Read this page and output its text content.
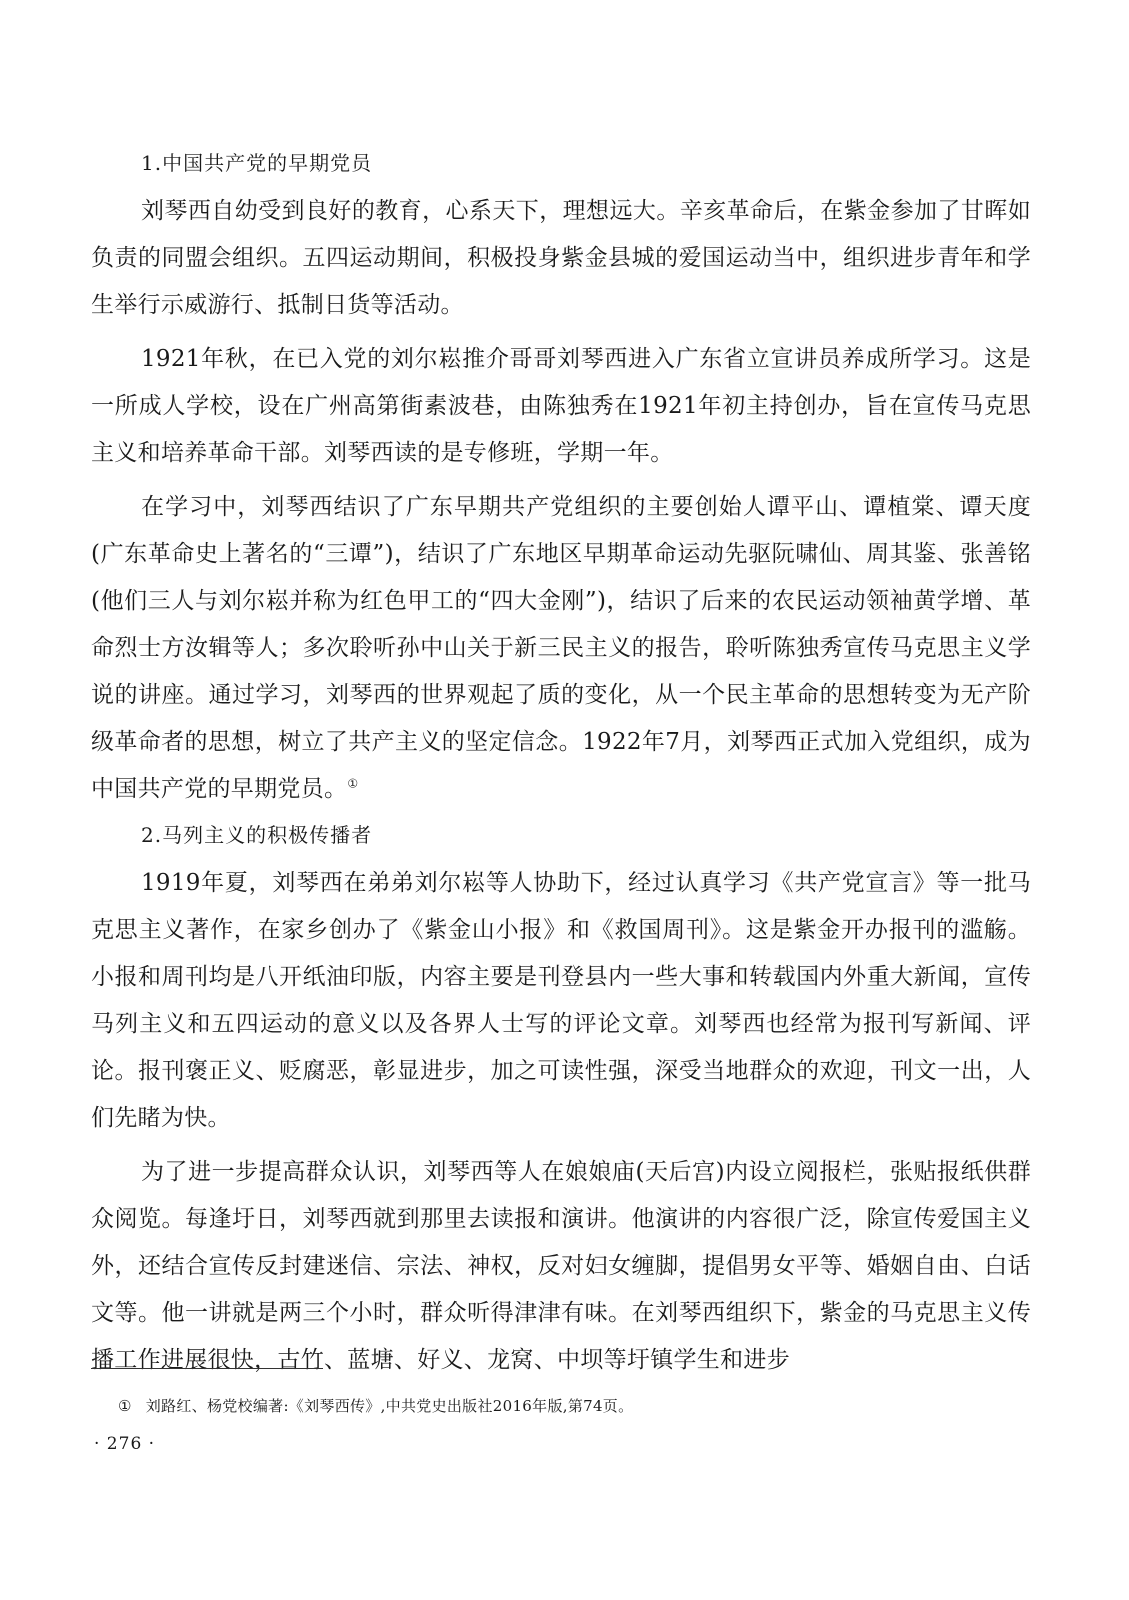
1.中国共产党的早期党员

刘琴西自幼受到良好的教育，心系天下，理想远大。辛亥革命后，在紫金参加了甘晖如负责的同盟会组织。五四运动期间，积极投身紫金县城的爱国运动当中，组织进步青年和学生举行示威游行、抵制日货等活动。

1921年秋，在已入党的刘尔崧推介哥哥刘琴西进入广东省立宣讲员养成所学习。这是一所成人学校，设在广州高第街素波巷，由陈独秀在1921年初主持创办，旨在宣传马克思主义和培养革命干部。刘琴西读的是专修班，学期一年。

在学习中，刘琴西结识了广东早期共产党组织的主要创始人谭平山、谭植棠、谭天度(广东革命史上著名的“三谭”)，结识了广东地区早期革命运动先驱阮啸仙、周其鉴、张善铭(他们三人与刘尔崧并称为红色甲工的“四大金刚”)，结识了后来的农民运动领袖黄学增、革命烈士方汝辑等人；多次聆听孙中山关于新三民主义的报告，聆听陈独秀宣传马克思主义学说的讲座。通过学习，刘琴西的世界观起了质的变化，从一个民主革命的思想转变为无产阶级革命者的思想，树立了共产主义的坚定信念。1922年7月，刘琴西正式加入党组织，成为中国共产党的早期党员。①

2.马列主义的积极传播者

1919年夏，刘琴西在弟弟刘尔崧等人协助下，经过认真学习《共产党宣言》等一批马克思主义著作，在家乡创办了《紫金山小报》和《救国周刊》。这是紫金开办报刊的滥觞。小报和周刊均是八开纸油印版，内容主要是刊登县内一些大事和转载国内外重大新闻，宣传马列主义和五四运动的意义以及各界人士写的评论文章。刘琴西也经常为报刊写新闻、评论。报刊褒正义、贬腐恶，彰显进步，加之可读性强，深受当地群众的欢迎，刊文一出，人们先睹为快。

为了进一步提高群众认识，刘琴西等人在娘娘庙(天后宫)内设立阅报栏，张贴报纸供群众阅览。每逢圩日，刘琴西就到那里去读报和演讲。他演讲的内容很广泛，除宣传爱国主义外，还结合宣传反封建迷信、宗法、神权，反对妇女缠脚，提倡男女平等、婚姻自由、白话文等。他一讲就是两三个小时，群众听得津津有味。在刘琴西组织下，紫金的马克思主义传播工作进展很快，古竹、蓝塘、好义、龙窝、中坝等圩镇学生和进步

① 刘路红、杨党校编著:《刘琴西传》,中共党史出版社2016年版,第74页。
· 276 ·
